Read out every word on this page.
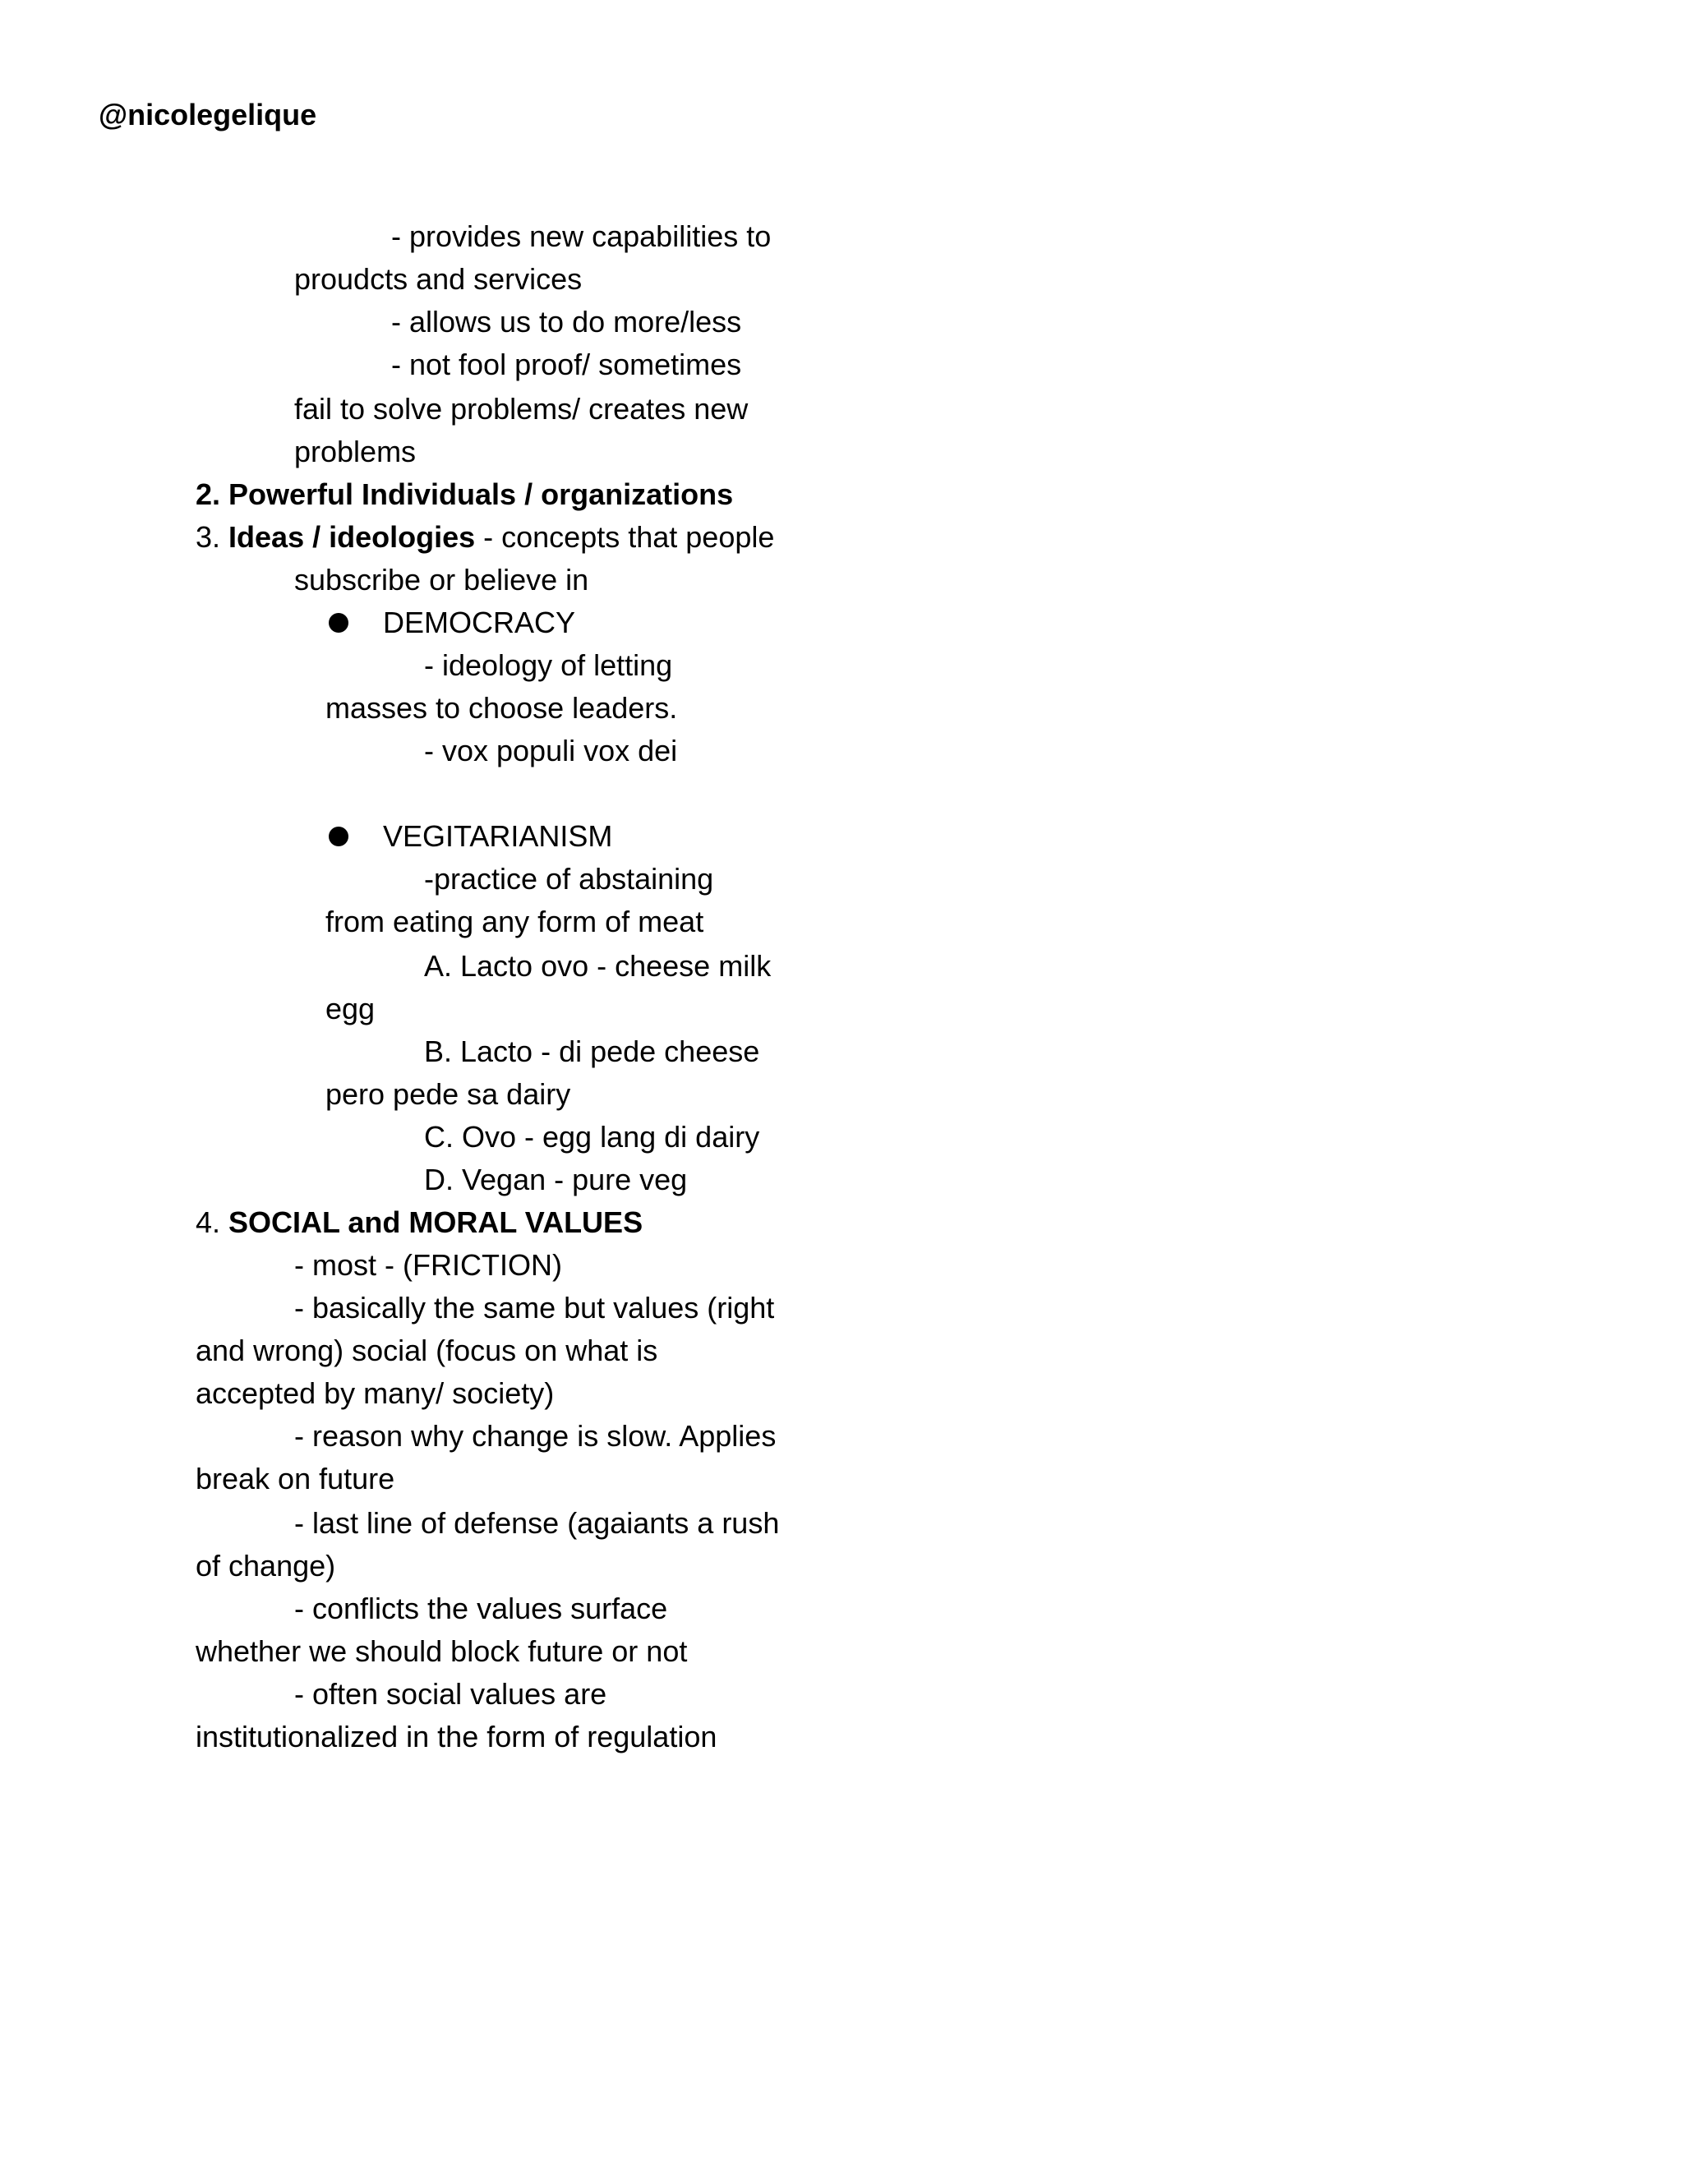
@nicolegelique
- provides new capabilities to
proudcts and services
- allows us to do more/less
- not fool proof/ sometimes
fail to solve problems/ creates new
problems
2. Powerful Individuals / organizations
3. Ideas / ideologies - concepts that people
subscribe or believe in
DEMOCRACY
- ideology of letting
masses to choose leaders.
- vox populi vox dei
VEGITARIANISM
-practice of abstaining
from eating any form of meat
A. Lacto ovo - cheese milk
egg
B. Lacto - di pede cheese
pero pede sa dairy
C. Ovo - egg lang di dairy
D. Vegan - pure veg
4. SOCIAL and MORAL VALUES
- most - (FRICTION)
- basically the same but values (right
and wrong) social (focus on what is
accepted by many/ society)
- reason why change is slow. Applies
break on future
- last line of defense (agaiants a rush
of change)
- conflicts the values surface
whether we should block future or not
- often social values are
institutionalized in the form of regulation
